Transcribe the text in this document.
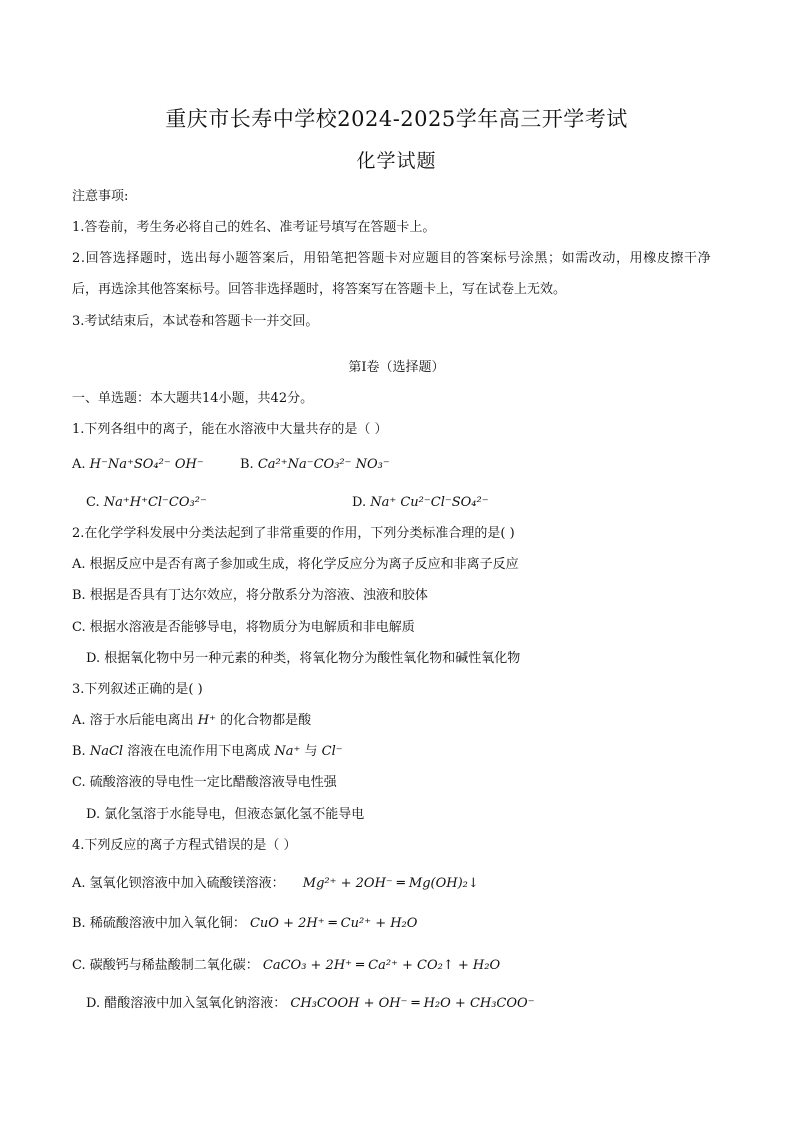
重庆市长寿中学校2024-2025学年高三开学考试
化学试题
注意事项:
1.答卷前，考生务必将自己的姓名、准考证号填写在答题卡上。
2.回答选择题时，选出每小题答案后，用铅笔把答题卡对应题目的答案标号涂黑；如需改动，用橡皮擦干净
后，再选涂其他答案标号。回答非选择题时，将答案写在答题卡上，写在试卷上无效。
3.考试结束后，本试卷和答题卡一并交回。
第Ⅰ卷（选择题）
一、单选题：本大题共14小题，共42分。
1.下列各组中的离子，能在水溶液中大量共存的是（ ）
A. H⁻Na⁺SO₄²⁻ OH⁻	B. Ca²⁺Na⁻CO₃²⁻ NO₃⁻
C. Na⁺H⁺Cl⁻CO₃²⁻	D. Na⁺ Cu²⁻Cl⁻SO₄²⁻
2.在化学学科发展中分类法起到了非常重要的作用，下列分类标准合理的是( )
A. 根据反应中是否有离子参加或生成，将化学反应分为离子反应和非离子反应
B. 根据是否具有丁达尔效应，将分散系分为溶液、浊液和胶体
C. 根据水溶液是否能够导电，将物质分为电解质和非电解质
D. 根据氧化物中另一种元素的种类，将氧化物分为酸性氧化物和碱性氧化物
3.下列叙述正确的是( )
A. 溶于水后能电离出 H⁺ 的化合物都是酸
B. NaCl 溶液在电流作用下电离成 Na⁺ 与 Cl⁻
C. 硫酸溶液的导电性一定比醋酸溶液导电性强
D. 氯化氢溶于水能导电，但液态氯化氢不能导电
4.下列反应的离子方程式错误的是（ ）
A. 氢氧化钡溶液中加入硫酸镁溶液： Mg²⁺ + 2OH⁻ ═ Mg(OH)₂↓
B. 稀硫酸溶液中加入氧化铜： CuO + 2H⁺ ═ Cu²⁺ + H₂O
C. 碳酸钙与稀盐酸制二氧化碳： CaCO₃ + 2H⁺ ═ Ca²⁺ + CO₂↑ + H₂O
D. 醋酸溶液中加入氢氧化钠溶液： CH₃COOH + OH⁻ ═ H₂O + CH₃COO⁻
